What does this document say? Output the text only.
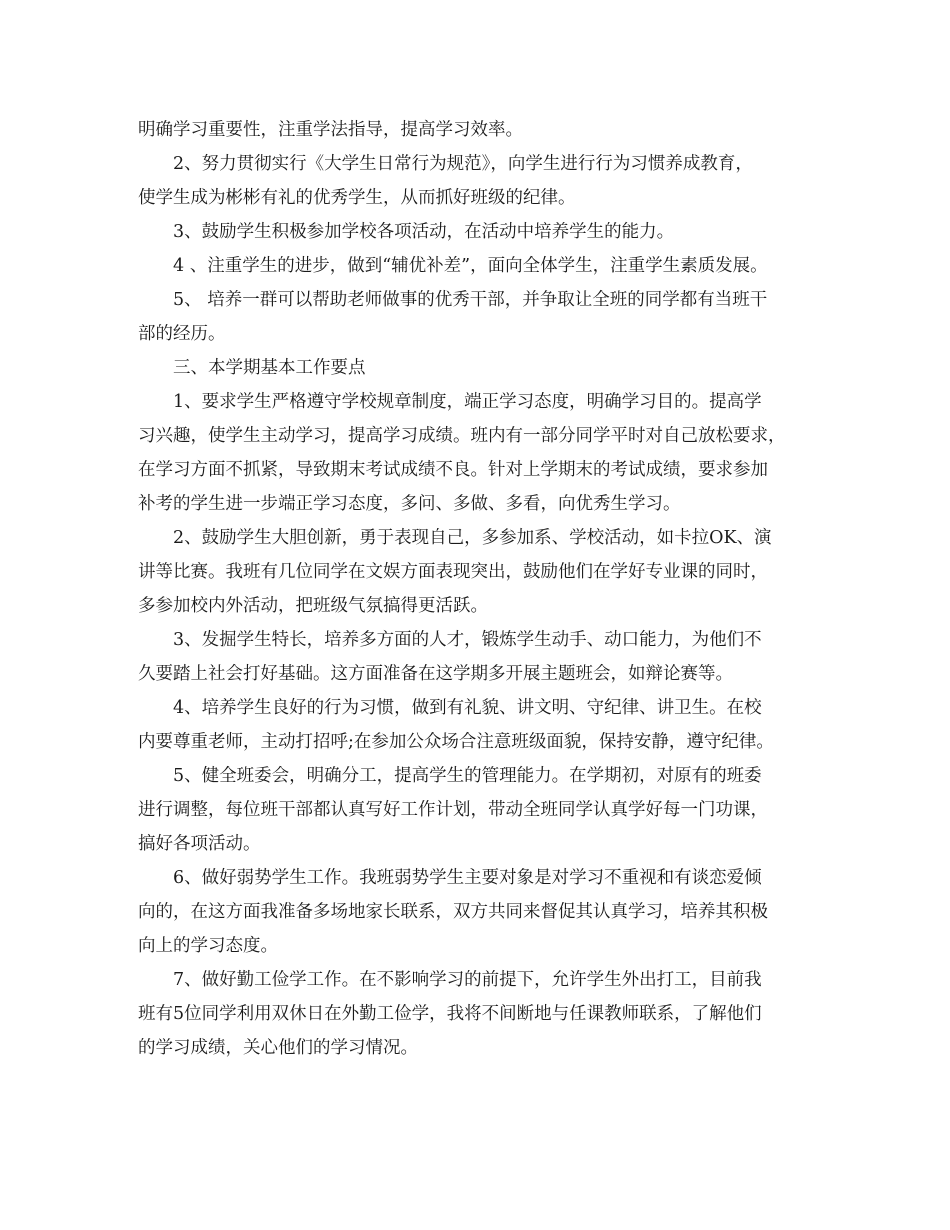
明确学习重要性，注重学法指导，提高学习效率。

2、努力贯彻实行《大学生日常行为规范》，向学生进行行为习惯养成教育，

使学生成为彬彬有礼的优秀学生，从而抓好班级的纪律。

3、鼓励学生积极参加学校各项活动，在活动中培养学生的能力。

4 、注重学生的进步，做到“辅优补差”，面向全体学生，注重学生素质发展。

5、 培养一群可以帮助老师做事的优秀干部，并争取让全班的同学都有当班干

部的经历。

三、本学期基本工作要点

1、要求学生严格遵守学校规章制度，端正学习态度，明确学习目的。提高学

习兴趣，使学生主动学习，提高学习成绩。班内有一部分同学平时对自己放松要求，

在学习方面不抓紧，导致期末考试成绩不良。针对上学期末的考试成绩，要求参加

补考的学生进一步端正学习态度，多问、多做、多看，向优秀生学习。

2、鼓励学生大胆创新，勇于表现自己，多参加系、学校活动，如卡拉OK、演

讲等比赛。我班有几位同学在文娱方面表现突出，鼓励他们在学好专业课的同时，

多参加校内外活动，把班级气氛搞得更活跃。

3、发掘学生特长，培养多方面的人才，锻炼学生动手、动口能力，为他们不

久要踏上社会打好基础。这方面准备在这学期多开展主题班会，如辩论赛等。

4、培养学生良好的行为习惯，做到有礼貌、讲文明、守纪律、讲卫生。在校

内要尊重老师，主动打招呼;在参加公众场合注意班级面貌，保持安静，遵守纪律。

5、健全班委会，明确分工，提高学生的管理能力。在学期初，对原有的班委

进行调整，每位班干部都认真写好工作计划，带动全班同学认真学好每一门功课，

搞好各项活动。

6、做好弱势学生工作。我班弱势学生主要对象是对学习不重视和有谈恋爱倾

向的，在这方面我准备多场地家长联系，双方共同来督促其认真学习，培养其积极

向上的学习态度。

7、做好勤工俭学工作。在不影响学习的前提下，允许学生外出打工，目前我

班有5位同学利用双休日在外勤工俭学，我将不间断地与任课教师联系，了解他们

的学习成绩，关心他们的学习情况。
